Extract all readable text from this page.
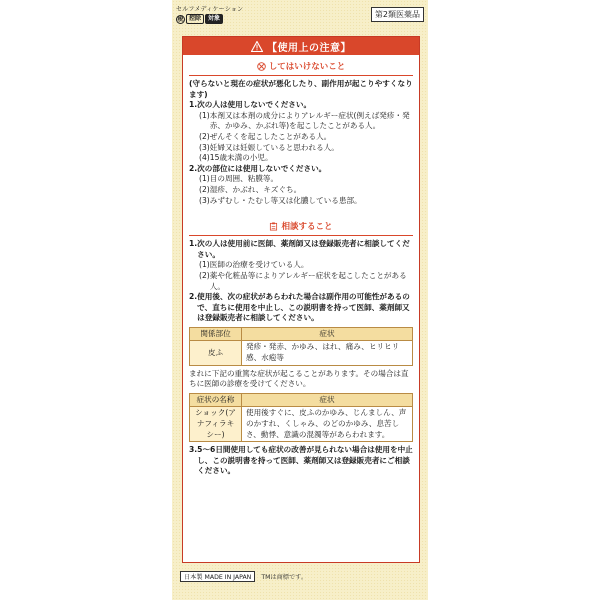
セルフメディケーション
税 控除	対象	第2類医薬品
【使用上の注意】
してはいけないこと
(守らないと現在の症状が悪化したり、副作用が起こりやすくなります)
1. 次の人は使用しないでください。
(1) 本剤又は本剤の成分によりアレルギー症状(例えば発疹・発赤、かゆみ、かぶれ等)を起こしたことがある人。
(2) ぜんそくを起こしたことがある人。
(3) 妊婦又は妊娠していると思われる人。
(4) 15歳未満の小児。
2. 次の部位には使用しないでください。
(1) 目の周囲、粘膜等。
(2) 湿疹、かぶれ、キズぐち。
(3) みずむし・たむし等又は化膿している患部。
相談すること
1. 次の人は使用前に医師、薬剤師又は登録販売者に相談してください。
(1) 医師の治療を受けている人。
(2) 薬や化粧品等によりアレルギー症状を起こしたことがある人。
2. 使用後、次の症状があらわれた場合は副作用の可能性があるので、直ちに使用を中止し、この説明書を持って医師、薬剤師又は登録販売者に相談してください。
関係部位	症状
皮ふ	発疹・発赤、かゆみ、はれ、痛み、ヒリヒリ感、水疱等
まれに下記の重篤な症状が起こることがあります。その場合は直ちに医師の診療を受けてください。
症状の名称	症状
ショック(アナフィラキシー)	使用後すぐに、皮ふのかゆみ、じんましん、声のかすれ、くしゃみ、のどのかゆみ、息苦しさ、動悸、意識の混濁等があらわれます。
3. 5～6日間使用しても症状の改善が見られない場合は使用を中止し、この説明書を持って医師、薬剤師又は登録販売者にご相談ください。
日本製 MADE IN JAPAN	TMは商標です。
